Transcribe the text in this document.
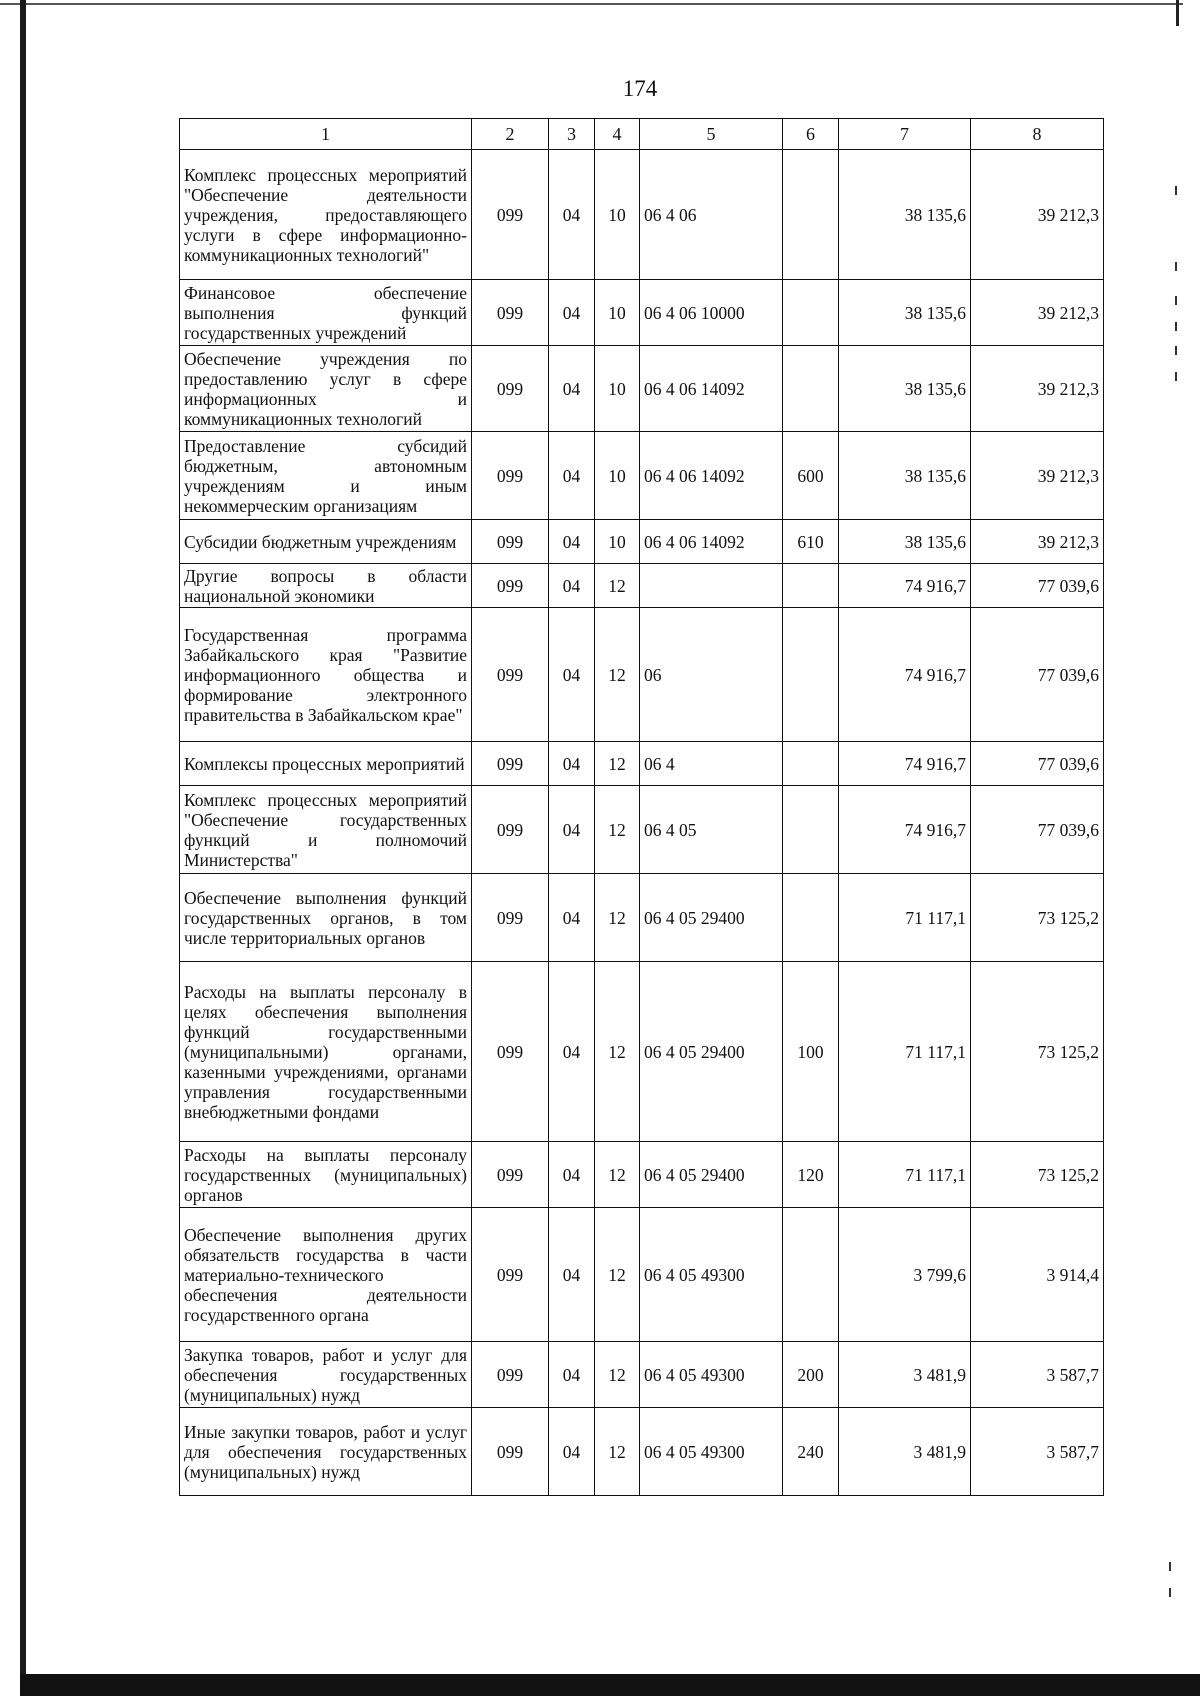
174
1	2	3	4	5	6	7	8
Комплекс процессных мероприятий "Обеспечение деятельности учреждения, предоставляющего услуги в сфере информационно-коммуникационных технологий"	099	04	10	06 4 06		38 135,6	39 212,3
Финансовое обеспечение выполнения функций государственных учреждений	099	04	10	06 4 06 10000		38 135,6	39 212,3
Обеспечение учреждения по предоставлению услуг в сфере информационных и коммуникационных технологий	099	04	10	06 4 06 14092		38 135,6	39 212,3
Предоставление субсидий бюджетным, автономным учреждениям и иным некоммерческим организациям	099	04	10	06 4 06 14092	600	38 135,6	39 212,3
Субсидии бюджетным учреждениям	099	04	10	06 4 06 14092	610	38 135,6	39 212,3
Другие вопросы в области национальной экономики	099	04	12			74 916,7	77 039,6
Государственная программа Забайкальского края "Развитие информационного общества и формирование электронного правительства в Забайкальском крае"	099	04	12	06		74 916,7	77 039,6
Комплексы процессных мероприятий	099	04	12	06 4		74 916,7	77 039,6
Комплекс процессных мероприятий "Обеспечение государственных функций и полномочий Министерства"	099	04	12	06 4 05		74 916,7	77 039,6
Обеспечение выполнения функций государственных органов, в том числе территориальных органов	099	04	12	06 4 05 29400		71 117,1	73 125,2
Расходы на выплаты персоналу в целях обеспечения выполнения функций государственными (муниципальными) органами, казенными учреждениями, органами управления государственными внебюджетными фондами	099	04	12	06 4 05 29400	100	71 117,1	73 125,2
Расходы на выплаты персоналу государственных (муниципальных) органов	099	04	12	06 4 05 29400	120	71 117,1	73 125,2
Обеспечение выполнения других обязательств государства в части материально-технического обеспечения деятельности государственного органа	099	04	12	06 4 05 49300		3 799,6	3 914,4
Закупка товаров, работ и услуг для обеспечения государственных (муниципальных) нужд	099	04	12	06 4 05 49300	200	3 481,9	3 587,7
Иные закупки товаров, работ и услуг для обеспечения государственных (муниципальных) нужд	099	04	12	06 4 05 49300	240	3 481,9	3 587,7
